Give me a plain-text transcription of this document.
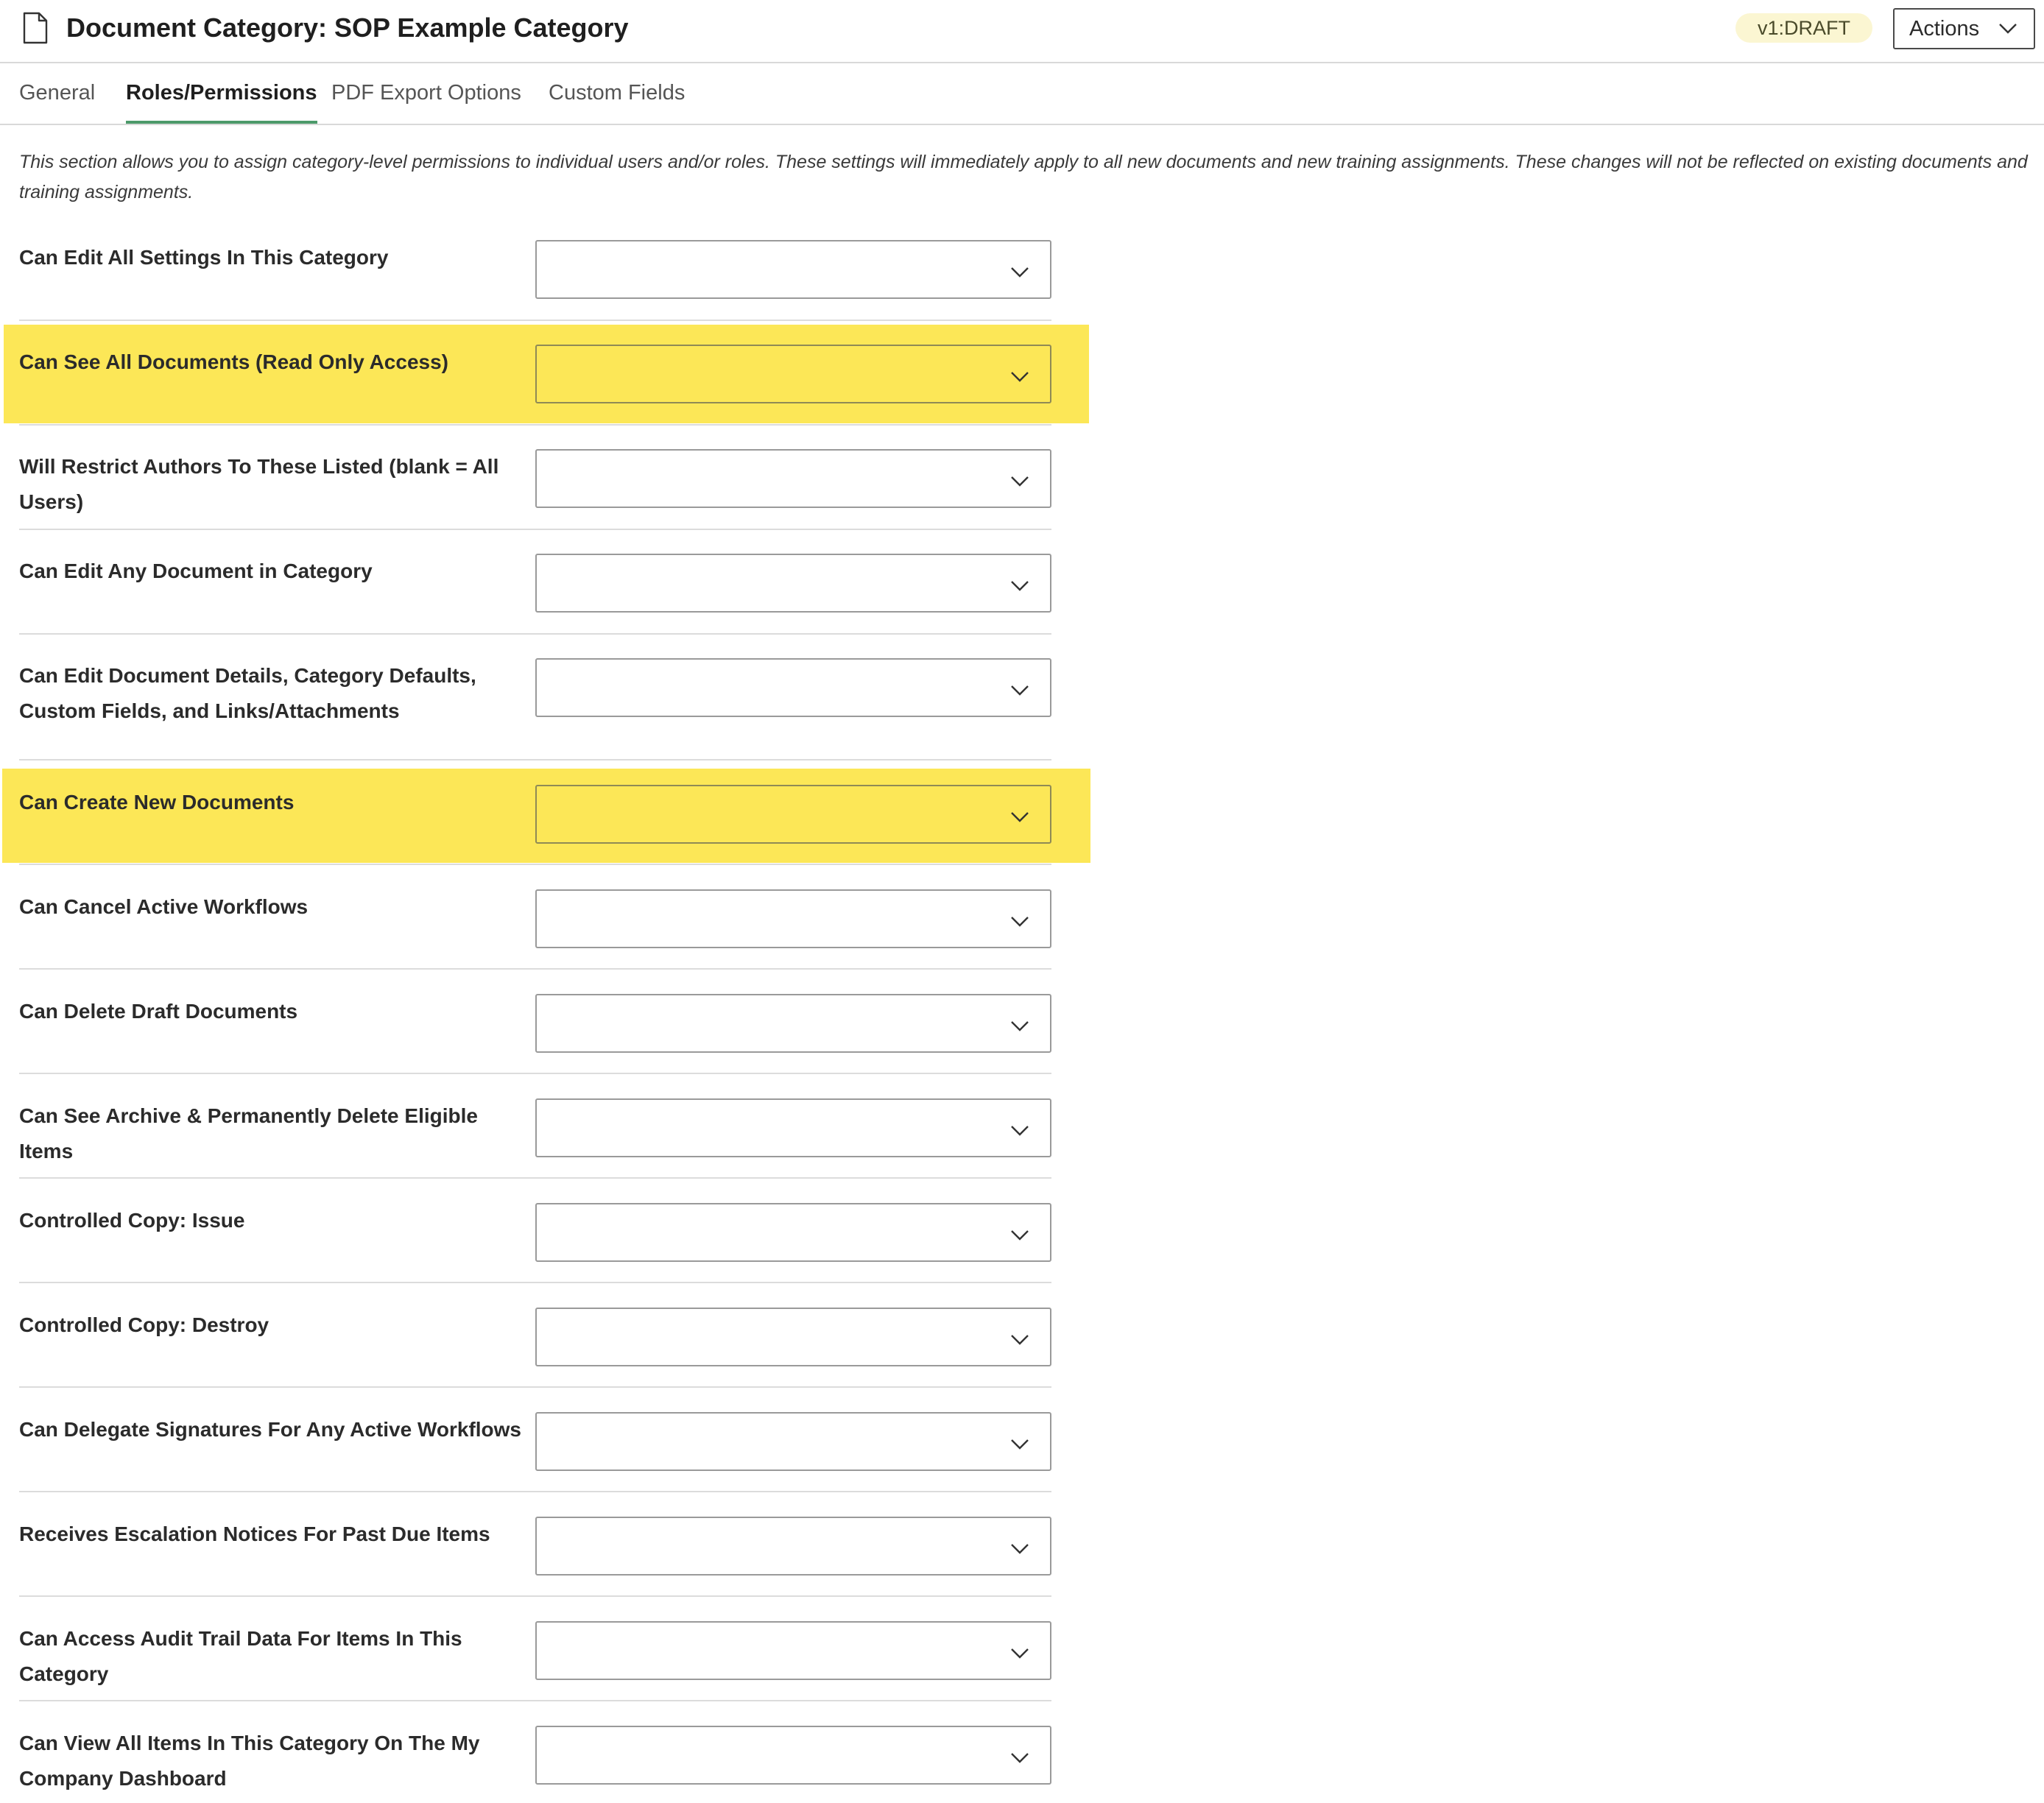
Document Category: SOP Example Category	v1:DRAFT	Actions
General Roles/Permissions PDF Export Options Custom Fields
This section allows you to assign category-level permissions to individual users and/or roles. These settings will immediately apply to all new documents and new training assignments. These changes will not be reflected on existing documents and training assignments.
Can Edit All Settings In This Category
Can See All Documents (Read Only Access)
Will Restrict Authors To These Listed (blank = All Users)
Can Edit Any Document in Category
Can Edit Document Details, Category Defaults, Custom Fields, and Links/Attachments
Can Create New Documents
Can Cancel Active Workflows
Can Delete Draft Documents
Can See Archive & Permanently Delete Eligible Items
Controlled Copy: Issue
Controlled Copy: Destroy
Can Delegate Signatures For Any Active Workflows
Receives Escalation Notices For Past Due Items
Can Access Audit Trail Data For Items In This Category
Can View All Items In This Category On The My Company Dashboard
